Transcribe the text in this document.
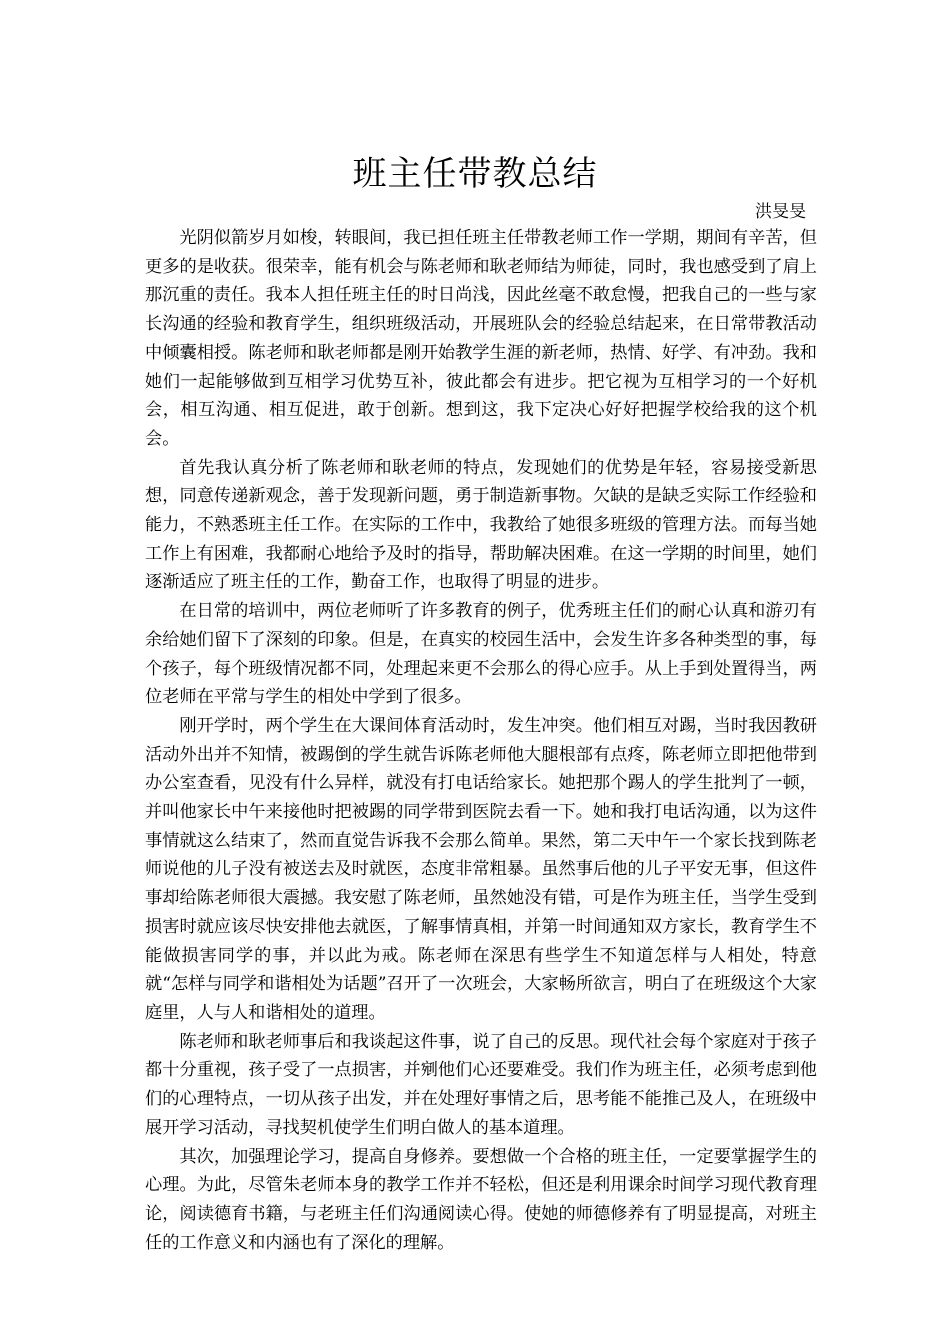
班主任带教总结
洪旻旻

光阴似箭岁月如梭，转眼间，我已担任班主任带教老师工作一学期，期间有辛苦，但更多的是收获。很荣幸，能有机会与陈老师和耿老师结为师徒，同时，我也感受到了肩上那沉重的责任。我本人担任班主任的时日尚浅，因此丝毫不敢怠慢，把我自己的一些与家长沟通的经验和教育学生，组织班级活动，开展班队会的经验总结起来，在日常带教活动中倾囊相授。陈老师和耿老师都是刚开始教学生涯的新老师，热情、好学、有冲劲。我和她们一起能够做到互相学习优势互补，彼此都会有进步。把它视为互相学习的一个好机会，相互沟通、相互促进，敢于创新。想到这，我下定决心好好把握学校给我的这个机会。

首先我认真分析了陈老师和耿老师的特点，发现她们的优势是年轻，容易接受新思想，同意传递新观念，善于发现新问题，勇于制造新事物。欠缺的是缺乏实际工作经验和能力，不熟悉班主任工作。在实际的工作中，我教给了她很多班级的管理方法。而每当她工作上有困难，我都耐心地给予及时的指导，帮助解决困难。在这一学期的时间里，她们逐渐适应了班主任的工作，勤奋工作，也取得了明显的进步。

在日常的培训中，两位老师听了许多教育的例子，优秀班主任们的耐心认真和游刃有余给她们留下了深刻的印象。但是，在真实的校园生活中，会发生许多各种类型的事，每个孩子，每个班级情况都不同，处理起来更不会那么的得心应手。从上手到处置得当，两位老师在平常与学生的相处中学到了很多。

刚开学时，两个学生在大课间体育活动时，发生冲突。他们相互对踢，当时我因教研活动外出并不知情，被踢倒的学生就告诉陈老师他大腿根部有点疼，陈老师立即把他带到办公室查看，见没有什么异样，就没有打电话给家长。她把那个踢人的学生批判了一顿，并叫他家长中午来接他时把被踢的同学带到医院去看一下。她和我打电话沟通，以为这件事情就这么结束了，然而直觉告诉我不会那么简单。果然，第二天中午一个家长找到陈老师说他的儿子没有被送去及时就医，态度非常粗暴。虽然事后他的儿子平安无事，但这件事却给陈老师很大震撼。我安慰了陈老师，虽然她没有错，可是作为班主任，当学生受到损害时就应该尽快安排他去就医，了解事情真相，并第一时间通知双方家长，教育学生不能做损害同学的事，并以此为戒。陈老师在深思有些学生不知道怎样与人相处，特意就“怎样与同学和谐相处为话题”召开了一次班会，大家畅所欲言，明白了在班级这个大家庭里，人与人和谐相处的道理。

陈老师和耿老师事后和我谈起这件事，说了自己的反思。现代社会每个家庭对于孩子都十分重视，孩子受了一点损害，并剜他们心还要难受。我们作为班主任，必须考虑到他们的心理特点，一切从孩子出发，并在处理好事情之后，思考能不能推己及人，在班级中展开学习活动，寻找契机使学生们明白做人的基本道理。

其次，加强理论学习，提高自身修养。要想做一个合格的班主任，一定要掌握学生的心理。为此，尽管朱老师本身的教学工作并不轻松，但还是利用课余时间学习现代教育理论，阅读德育书籍，与老班主任们沟通阅读心得。使她的师德修养有了明显提高，对班主任的工作意义和内涵也有了深化的理解。
